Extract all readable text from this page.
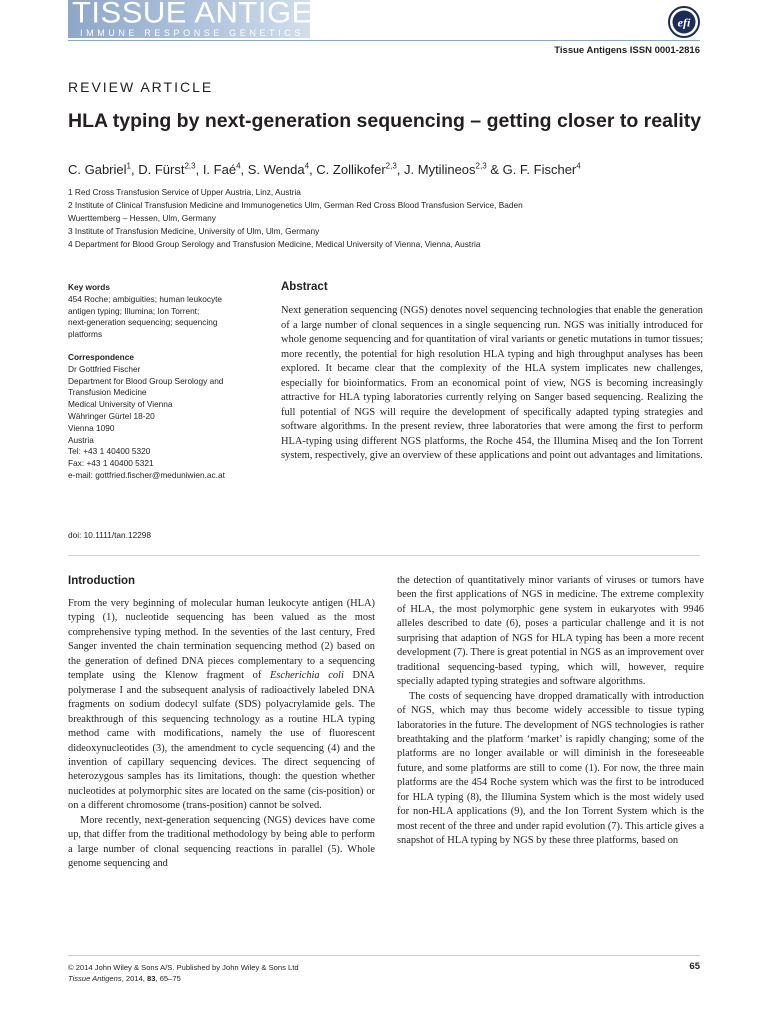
TISSUE ANTIGENS
IMMUNE RESPONSE GENETICS
efi
Tissue Antigens ISSN 0001-2816
REVIEW ARTICLE
HLA typing by next-generation sequencing – getting closer to reality
C. Gabriel$^1$, D. Fürst$^{2,3}$, I. Faé$^4$, S. Wenda$^4$, C. Zollikofer$^{2,3}$, J. Mytilineos$^{2,3}$ & G. F. Fischer$^4$
1 Red Cross Transfusion Service of Upper Austria, Linz, Austria
2 Institute of Clinical Transfusion Medicine and Immunogenetics Ulm, German Red Cross Blood Transfusion Service, Baden
Wuerttemberg – Hessen, Ulm, Germany
3 Institute of Transfusion Medicine, University of Ulm, Ulm, Germany
4 Department for Blood Group Serology and Transfusion Medicine, Medical University of Vienna, Vienna, Austria
Key words
454 Roche; ambiguities; human leukocyte
antigen typing; Illumina; Ion Torrent;
next-generation sequencing; sequencing
platforms
Correspondence
Dr Gottfried Fischer
Department for Blood Group Serology and
Transfusion Medicine
Medical University of Vienna
Währinger Gürtel 18-20
Vienna 1090
Austria
Tel: +43 1 40400 5320
Fax: +43 1 40400 5321
e-mail: gottfried.fischer@meduniwien.ac.at
doi: 10.1111/tan.12298
Abstract
Next generation sequencing (NGS) denotes novel sequencing technologies that enable the generation of a large number of clonal sequences in a single sequencing run. NGS was initially introduced for whole genome sequencing and for quantitation of viral variants or genetic mutations in tumor tissues; more recently, the potential for high resolution HLA typing and high throughput analyses has been explored. It became clear that the complexity of the HLA system implicates new challenges, especially for bioinformatics. From an economical point of view, NGS is becoming increasingly attractive for HLA typing laboratories currently relying on Sanger based sequencing. Realizing the full potential of NGS will require the development of specifically adapted typing strategies and software algorithms. In the present review, three laboratories that were among the first to perform HLA-typing using different NGS platforms, the Roche 454, the Illumina Miseq and the Ion Torrent system, respectively, give an overview of these applications and point out advantages and limitations.
Introduction

From the very beginning of molecular human leukocyte antigen (HLA) typing (1), nucleotide sequencing has been valued as the most comprehensive typing method. In the seventies of the last century, Fred Sanger invented the chain termination sequencing method (2) based on the generation of defined DNA pieces complementary to a sequencing template using the Klenow fragment of Escherichia coli DNA polymerase I and the subsequent analysis of radioactively labeled DNA fragments on sodium dodecyl sulfate (SDS) polyacrylamide gels. The breakthrough of this sequencing technology as a routine HLA typing method came with modifications, namely the use of fluorescent dideoxynucleotides (3), the amendment to cycle sequencing (4) and the invention of capillary sequencing devices. The direct sequencing of heterozygous samples has its limitations, though: the question whether nucleotides at polymorphic sites are located on the same (cis-position) or on a different chromosome (trans-position) cannot be solved.

More recently, next-generation sequencing (NGS) devices have come up, that differ from the traditional methodology by being able to perform a large number of clonal sequencing reactions in parallel (5). Whole genome sequencing and

the detection of quantitatively minor variants of viruses or tumors have been the first applications of NGS in medicine. The extreme complexity of HLA, the most polymorphic gene system in eukaryotes with 9946 alleles described to date (6), poses a particular challenge and it is not surprising that adaption of NGS for HLA typing has been a more recent development (7). There is great potential in NGS as an improvement over traditional sequencing-based typing, which will, however, require specially adapted typing strategies and software algorithms.

The costs of sequencing have dropped dramatically with introduction of NGS, which may thus become widely accessible to tissue typing laboratories in the future. The development of NGS technologies is rather breathtaking and the platform ‘market’ is rapidly changing; some of the platforms are no longer available or will diminish in the foreseeable future, and some platforms are still to come (1). For now, the three main platforms are the 454 Roche system which was the first to be introduced for HLA typing (8), the Illumina System which is the most widely used for non-HLA applications (9), and the Ion Torrent System which is the most recent of the three and under rapid evolution (7). This article gives a snapshot of HLA typing by NGS by these three platforms, based on

© 2014 John Wiley & Sons A/S. Published by John Wiley & Sons Ltd
Tissue Antigens, 2014, 83, 65–75
65
